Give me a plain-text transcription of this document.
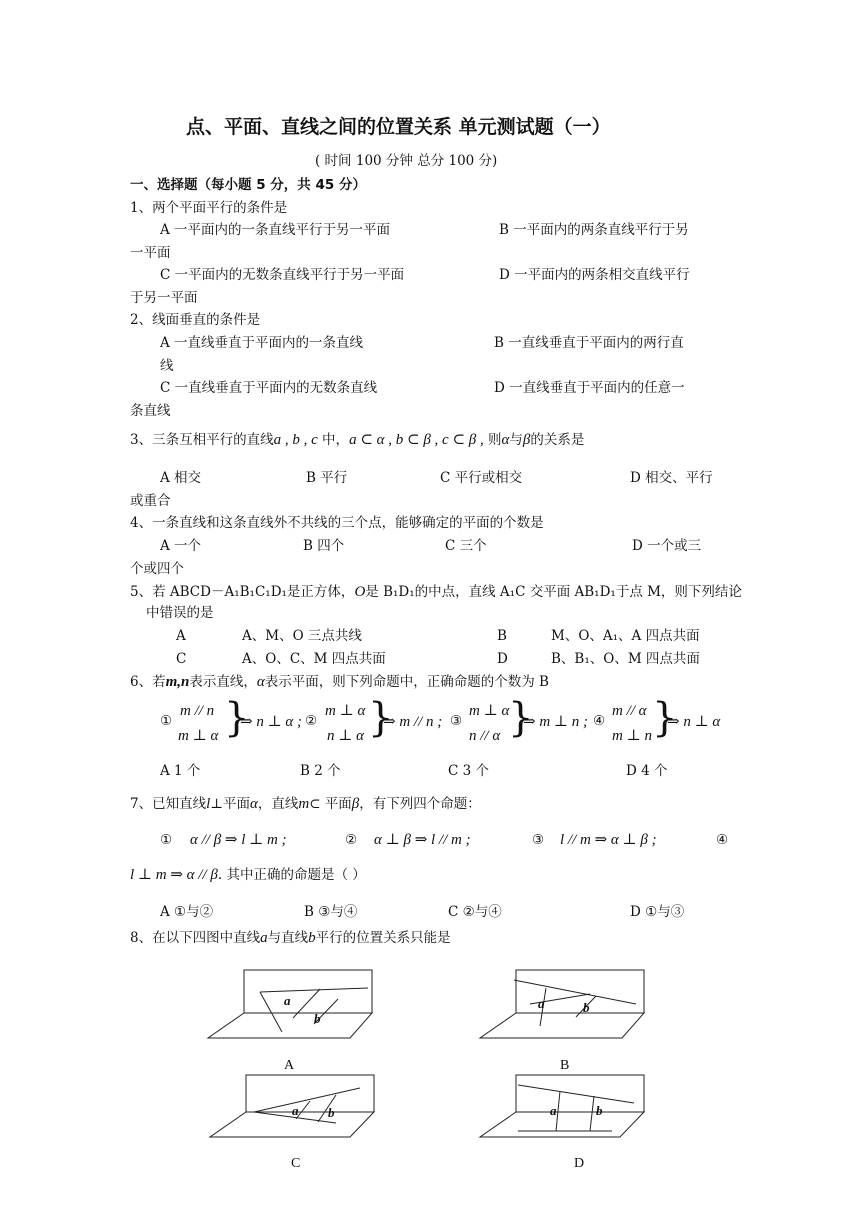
点、平面、直线之间的位置关系 单元测试题（一）
( 时间 100 分钟 总分 100 分)
一、选择题（每小题 5 分，共 45 分）
1、两个平面平行的条件是
A 一平面内的一条直线平行于另一平面	B 一平面内的两条直线平行于另
一平面
C 一平面内的无数条直线平行于另一平面	D 一平面内的两条相交直线平行
于另一平面
2、线面垂直的条件是
A 一直线垂直于平面内的一条直线	B 一直线垂直于平面内的两行直
线
C 一直线垂直于平面内的无数条直线	D 一直线垂直于平面内的任意一
条直线
3、三条互相平行的直线a , b , c 中，a ⊂ α , b ⊂ β , c ⊂ β , 则α与β的关系是
A 相交	B 平行	C 平行或相交	D 相交、平行
或重合
4、一条直线和这条直线外不共线的三个点，能够确定的平面的个数是
A 一个	B 四个	C 三个	D 一个或三
个或四个
5、若 ABCD－A₁B₁C₁D₁是正方体，O是 B₁D₁的中点，直线 A₁C 交平面 AB₁D₁于点 M，则下列结论
中错误的是
A	A、M、O 三点共线	B	M、O、A₁、A 四点共面
C	A、O、C、M 四点共面	D	B、B₁、O、M 四点共面
6、若m,n表示直线，α表示平面，则下列命题中，正确命题的个数为 B
①
m // n
m ⊥ α }
⇒ n ⊥ α ; ②
m ⊥ α
n ⊥ α }
⇒ m // n ; ③
m ⊥ α
n // α }
⇒ m ⊥ n ; ④
m // α
m ⊥ n }
⇒ n ⊥ α
A 1 个	B 2 个	C 3 个	D 4 个
7、已知直线l⊥平面α，直线m⊂ 平面β，有下列四个命题：
① α // β ⇒ l ⊥ m ;	② α ⊥ β ⇒ l // m ;	③ l // m ⇒ α ⊥ β ;	④
l ⊥ m ⇒ α // β. 其中正确的命题是（ ）
A ①与②	B ③与④	C ②与④	D ①与③
8、在以下四图中直线a与直线b平行的位置关系只能是
a
b
A
a	b
B
a b
C
a	b
D
